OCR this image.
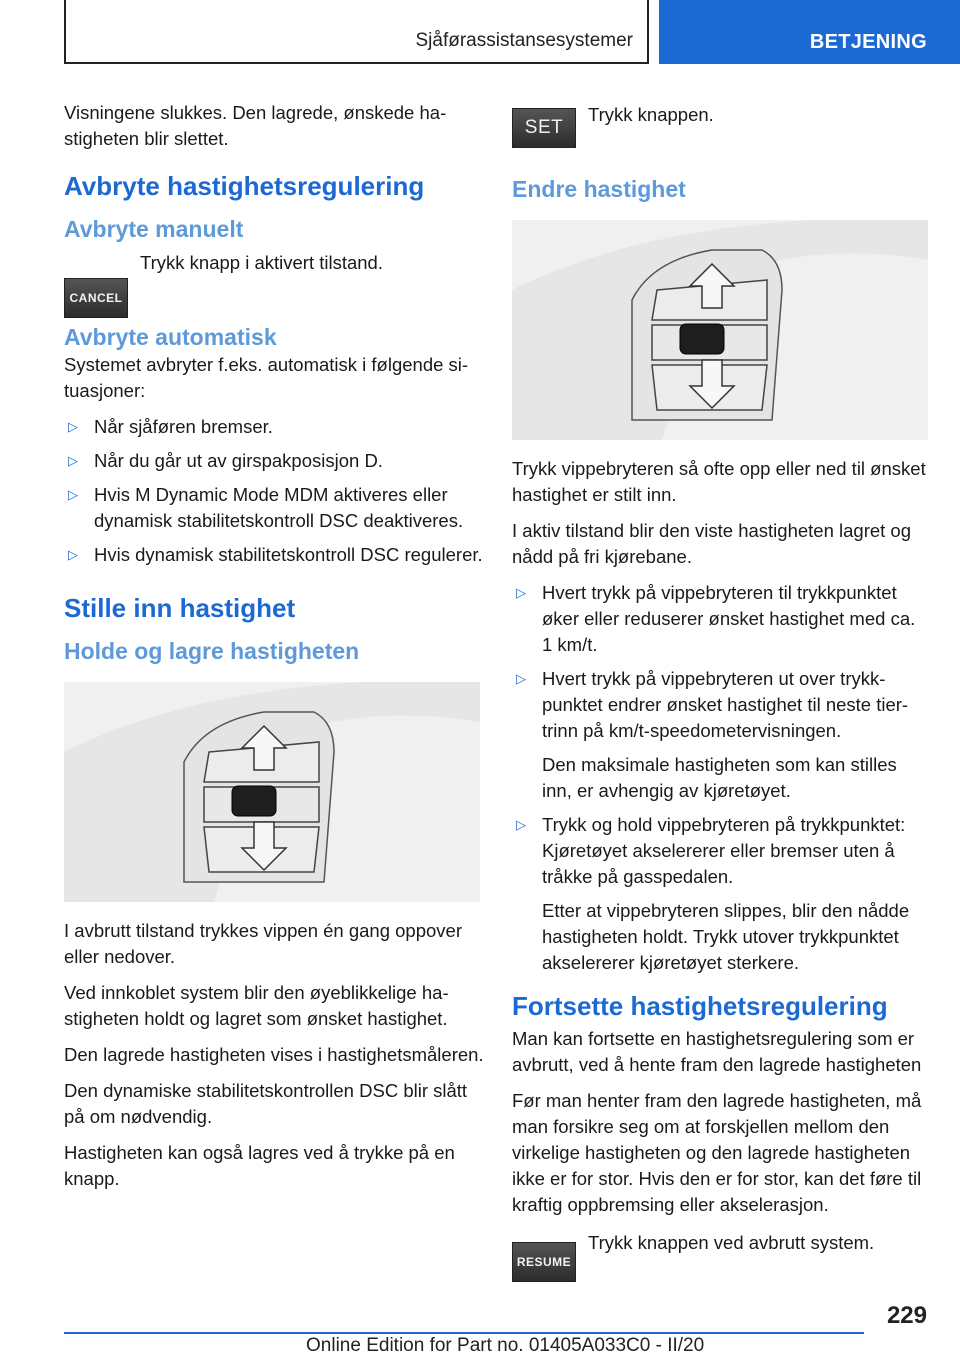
Sjåførassistansesystemer	BETJENING

Visningene slukkes. Den lagrede, ønskede hastigheten blir slettet.

Avbryte hastighetsregulering
Avbryte manuelt
CANCEL
Trykk knapp i aktivert tilstand.
Avbryte automatisk

Systemet avbryter f.eks. automatisk i følgende situasjoner:

▷ Når sjåføren bremser.
▷ Når du går ut av girspakposisjon D.
▷ Hvis M Dynamic Mode MDM aktiveres eller dynamisk stabilitetskontroll DSC deaktiveres.
▷ Hvis dynamisk stabilitetskontroll DSC regulerer.
Stille inn hastighet
Holde og lagre hastigheten

I avbrutt tilstand trykkes vippen én gang oppover eller nedover.

Ved innkoblet system blir den øyeblikkelige hastigheten holdt og lagret som ønsket hastighet.

Den lagrede hastigheten vises i hastighetsmåleren.

Den dynamiske stabilitetskontrollen DSC blir slått på om nødvendig.

Hastigheten kan også lagres ved å trykke på en knapp.

SET
Trykk knappen.
Endre hastighet

Trykk vippebryteren så ofte opp eller ned til ønsket hastighet er stilt inn.

I aktiv tilstand blir den viste hastigheten lagret og nådd på fri kjørebane.

▷ Hvert trykk på vippebryteren til trykkpunktet øker eller reduserer ønsket hastighet med ca. 1 km/t.
▷ Hvert trykk på vippebryteren ut over trykkpunktet endrer ønsket hastighet til neste tiertrinn på km/t-speedometervisningen.
Den maksimale hastigheten som kan stilles inn, er avhengig av kjøretøyet.
▷ Trykk og hold vippebryteren på trykkpunktet: Kjøretøyet akselererer eller bremser uten å tråkke på gasspedalen.
Etter at vippebryteren slippes, blir den nådde hastigheten holdt. Trykk utover trykkpunktet akselererer kjøretøyet sterkere.
Fortsette hastighetsregulering

Man kan fortsette en hastighetsregulering som er avbrutt, ved å hente fram den lagrede hastigheten

Før man henter fram den lagrede hastigheten, må man forsikre seg om at forskjellen mellom den virkelige hastigheten og den lagrede hastigheten ikke er for stor. Hvis den er for stor, kan det føre til kraftig oppbremsing eller akselerasjon.

RESUME
Trykk knappen ved avbrutt system.
229
Online Edition for Part no. 01405A033C0 - II/20
